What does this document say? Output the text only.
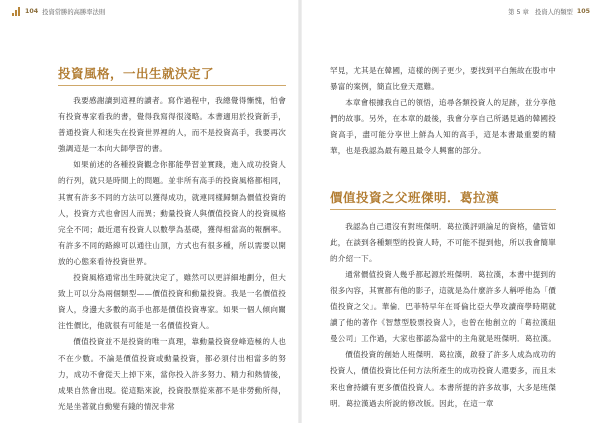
104 投資常勝的高勝率法則	第 5 章　投資人的類型 105
投資風格，一出生就決定了

我要感謝讀到這裡的讀者。寫作過程中，我總覺得慚愧，怕會有投資專家看我的書，覺得我寫得很淺略。本書適用於投資新手，普通投資人和迷失在投資世界裡的人，而不是投資高手，我要再次強調這是一本向大師學習的書。

如果前述的各種投資觀念你都能學習並實踐，進入成功投資人的行列，就只是時間上的問題。並非所有高手的投資風格都相同，其實有許多不同的方法可以獲得成功，就連同樣歸類為價值投資的人，投資方式也會因人而異；動量投資人與價值投資人的投資風格完全不同；最近還有投資人以數學為基礎，獲得相當高的報酬率。有許多不同的路線可以通往山頂，方式也有很多種，所以需要以開放的心態來看待投資世界。

投資風格通常出生時就決定了，雖然可以更詳細地劃分，但大致上可以分為兩個類型——價值投資和動量投資。我是一名價值投資人，身邊大多數的高手也都是價值投資專家。如果一個人傾向關注性價比，他就很有可能是一名價值投資人。

價值投資並不是投資的唯一真理，靠動量投資登峰造極的人也不在少數。不論是價值投資或動量投資，都必須付出相當多的努力，成功不會從天上掉下來，當你投入許多努力、精力和熱情後，成果自然會出現。從這點來說，投資股票從來都不是非勞動所得，光是坐著就自動變有錢的情況非常

罕見，尤其是在韓國，這樣的例子更少，要找到平白無故在股市中暴富的案例，簡直比登天還難。

本章會根據我自己的領悟，追尋各類投資人的足跡，並分享他們的故事。另外，在本章的最後，我會分享自己所遇見過的韓國投資高手，盡可能分享世上鮮為人知的高手，這是本書最重要的精華，也是我認為最有趣且最令人興奮的部分。

價值投資之父班傑明．葛拉漢

我認為自己還沒有對班傑明．葛拉漢評頭論足的資格，儘管如此，在談到各種類型的投資人時，不可能不提到他，所以我會簡單的介紹一下。

通常價值投資人幾乎都起源於班傑明．葛拉漢，本書中提到的很多內容，其實都有他的影子，這就是為什麼許多人稱呼他為「價值投資之父」。華倫．巴菲特早年在哥倫比亞大學攻讀商學時期就讀了他的著作《智慧型股票投資人》，也曾在他創立的「葛拉漢紐曼公司」工作過，大家也都認為當中的主角就是班傑明．葛拉漢。

價值投資的創始人班傑明．葛拉漢，啟發了許多人成為成功的投資人，價值投資比任何方法所產生的成功投資人還要多，而且未來也會持續有更多價值投資人。本書所提的許多故事，大多是班傑明．葛拉漢過去所說的修改版。因此，在這一章
